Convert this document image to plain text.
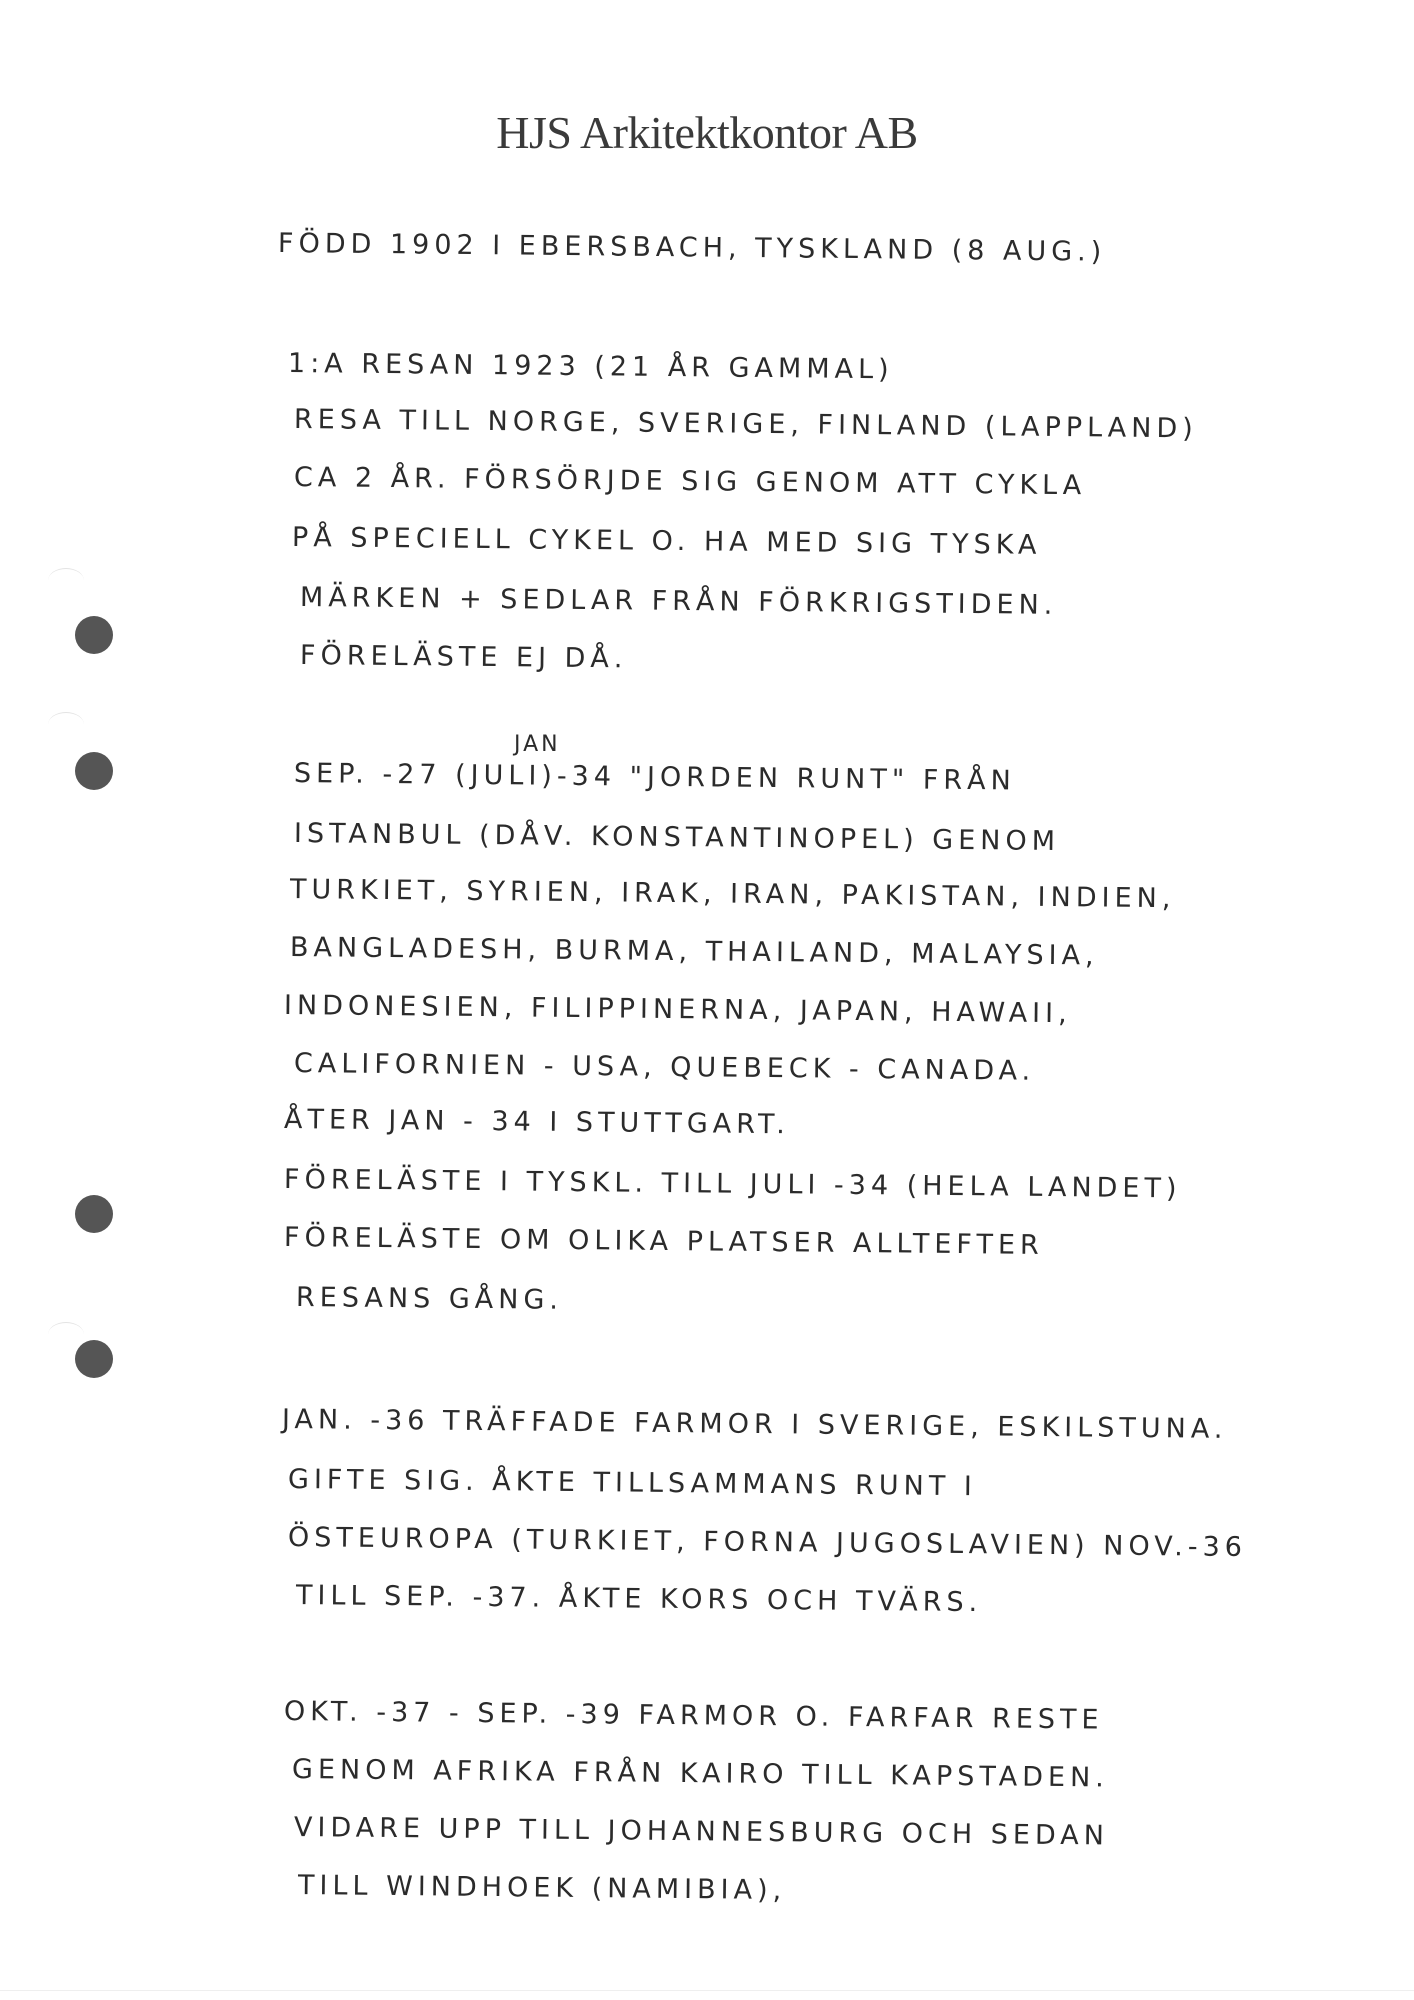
HJS Arkitektkontor AB
FÖDD 1902 I EBERSBACH, TYSKLAND (8 AUG.)
1:A RESAN 1923 (21 ÅR GAMMAL)
RESA TILL NORGE, SVERIGE, FINLAND (LAPPLAND)
CA 2 ÅR. FÖRSÖRJDE SIG GENOM ATT CYKLA
PÅ SPECIELL CYKEL O. HA MED SIG TYSKA
MÄRKEN + SEDLAR FRÅN FÖRKRIGSTIDEN.
FÖRELÄSTE EJ DÅ.
JAN
SEP. -27 (JULI)-34 "JORDEN RUNT" FRÅN
ISTANBUL (DÅV. KONSTANTINOPEL) GENOM
TURKIET, SYRIEN, IRAK, IRAN, PAKISTAN, INDIEN,
BANGLADESH, BURMA, THAILAND, MALAYSIA,
INDONESIEN, FILIPPINERNA, JAPAN, HAWAII,
CALIFORNIEN - USA, QUEBECK - CANADA.
ÅTER JAN - 34 I STUTTGART.
FÖRELÄSTE I TYSKL. TILL JULI -34 (HELA LANDET)
FÖRELÄSTE OM OLIKA PLATSER ALLTEFTER
RESANS GÅNG.
JAN. -36 TRÄFFADE FARMOR I SVERIGE, ESKILSTUNA.
GIFTE SIG. ÅKTE TILLSAMMANS RUNT I
ÖSTEUROPA (TURKIET, FORNA JUGOSLAVIEN) NOV.-36
TILL SEP. -37. ÅKTE KORS OCH TVÄRS.
OKT. -37 - SEP. -39 FARMOR O. FARFAR RESTE
GENOM AFRIKA FRÅN KAIRO TILL KAPSTADEN.
VIDARE UPP TILL JOHANNESBURG OCH SEDAN
TILL WINDHOEK (NAMIBIA),
